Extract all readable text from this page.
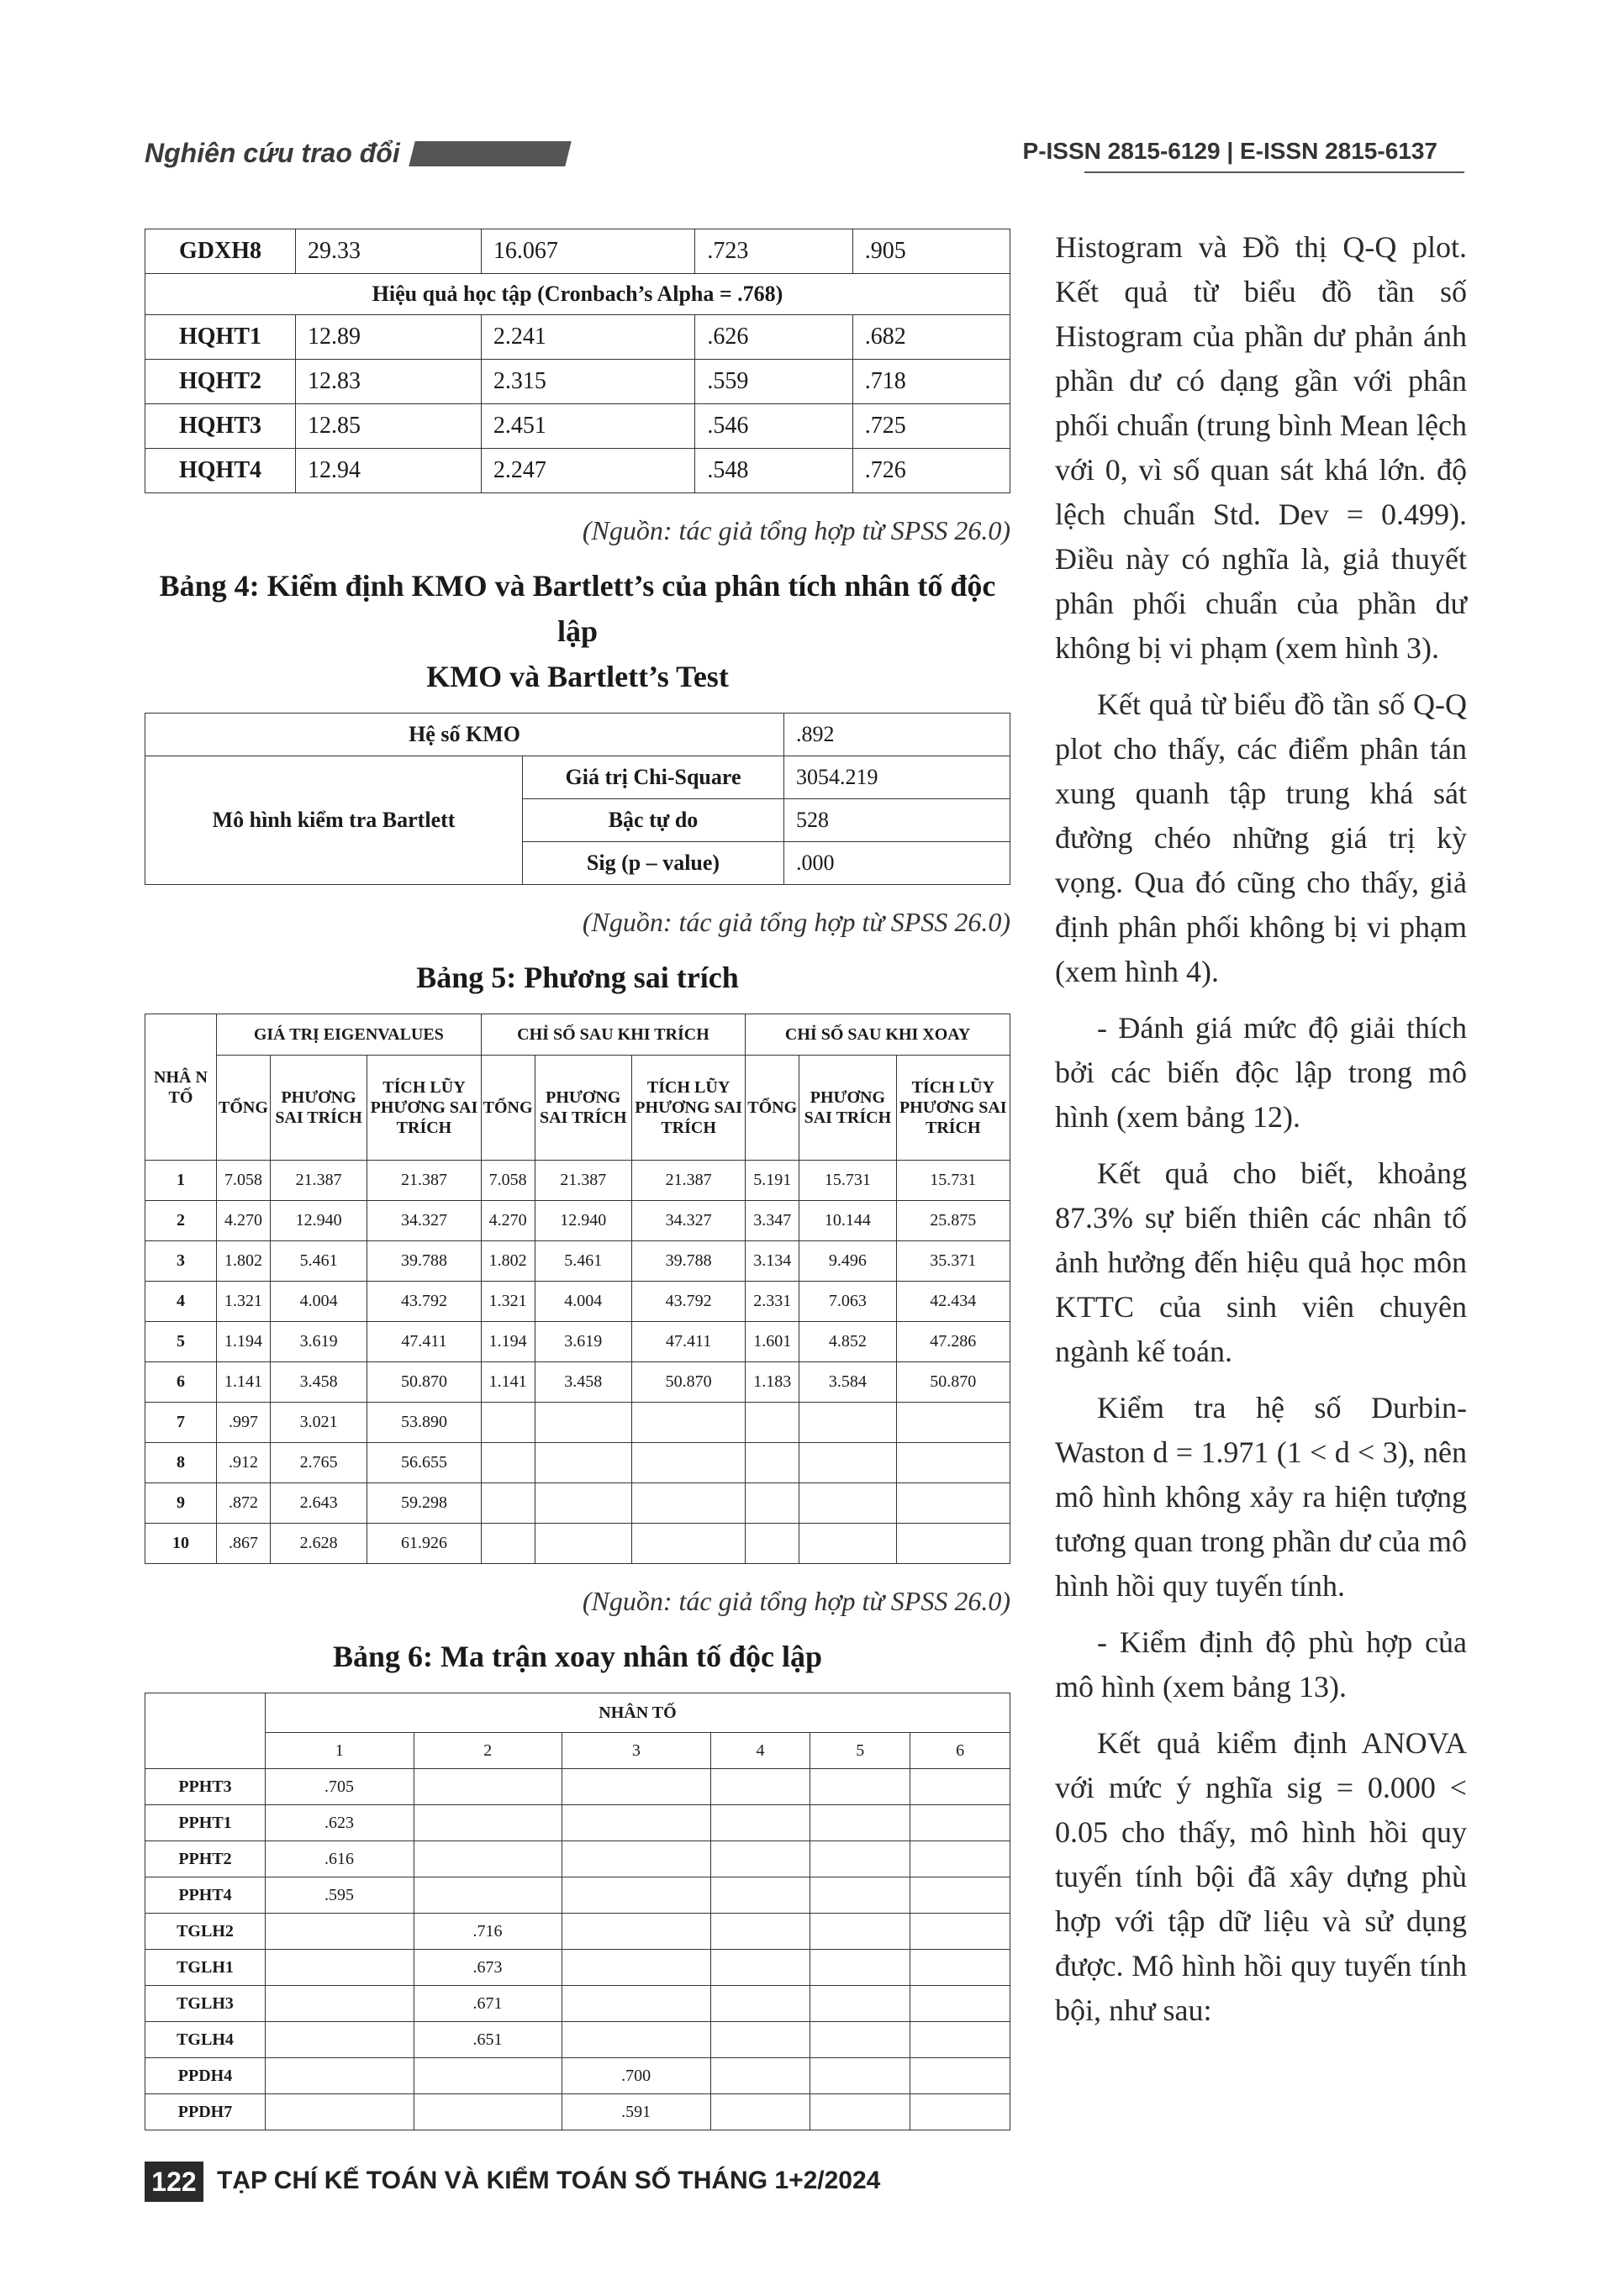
Nghiên cứu trao đổi	P-ISSN 2815-6129 | E-ISSN 2815-6137
GDXH8	29.33	16.067	.723	.905
Hiệu quả học tập (Cronbach’s Alpha = .768)				
HQHT1	12.89	2.241	.626	.682
HQHT2	12.83	2.315	.559	.718
HQHT3	12.85	2.451	.546	.725
HQHT4	12.94	2.247	.548	.726
(Nguồn: tác giả tổng hợp từ SPSS 26.0)
Bảng 4: Kiểm định KMO và Bartlett’s của phân tích nhân tố độc lập
KMO và Bartlett’s Test
Hệ số KMO		.892
Mô hình kiểm tra Bartlett	Giá trị Chi-Square	3054.219
	Bậc tự do	528
	Sig (p – value)	.000
(Nguồn: tác giả tổng hợp từ SPSS 26.0)
Bảng 5: Phương sai trích
NHÂ N TỐ	GIÁ TRỊ EIGENVALUES			CHỈ SỐ SAU KHI TRÍCH			CHỈ SỐ SAU KHI XOAY		
	TỔNG	PHƯƠNG SAI TRÍCH	TÍCH LŨY PHƯƠNG SAI TRÍCH	TỔNG	PHƯƠNG SAI TRÍCH	TÍCH LŨY PHƯƠNG SAI TRÍCH	TỔNG	PHƯƠNG SAI TRÍCH	TÍCH LŨY PHƯƠNG SAI TRÍCH
1	7.058	21.387	21.387	7.058	21.387	21.387	5.191	15.731	15.731
2	4.270	12.940	34.327	4.270	12.940	34.327	3.347	10.144	25.875
3	1.802	5.461	39.788	1.802	5.461	39.788	3.134	9.496	35.371
4	1.321	4.004	43.792	1.321	4.004	43.792	2.331	7.063	42.434
5	1.194	3.619	47.411	1.194	3.619	47.411	1.601	4.852	47.286
6	1.141	3.458	50.870	1.141	3.458	50.870	1.183	3.584	50.870
7	.997	3.021	53.890						
8	.912	2.765	56.655						
9	.872	2.643	59.298						
10	.867	2.628	61.926						
(Nguồn: tác giả tổng hợp từ SPSS 26.0)
Bảng 6: Ma trận xoay nhân tố độc lập
	NHÂN TỐ					
	1	2	3	4	5	6
PPHT3	.705					
PPHT1	.623					
PPHT2	.616					
PPHT4	.595					
TGLH2		.716				
TGLH1		.673				
TGLH3		.671				
TGLH4		.651				
PPDH4			.700			
PPDH7			.591			

Histogram và Đồ thị Q-Q plot. Kết quả từ biểu đồ tần số Histogram của phần dư phản ánh phần dư có dạng gần với phân phối chuẩn (trung bình Mean lệch với 0, vì số quan sát khá lớn. độ lệch chuẩn Std. Dev = 0.499). Điều này có nghĩa là, giả thuyết phân phối chuẩn của phần dư không bị vi phạm (xem hình 3).

Kết quả từ biểu đồ tần số Q-Q plot cho thấy, các điểm phân tán xung quanh tập trung khá sát đường chéo những giá trị kỳ vọng. Qua đó cũng cho thấy, giả định phân phối không bị vi phạm (xem hình 4).

- Đánh giá mức độ giải thích bởi các biến độc lập trong mô hình (xem bảng 12).

Kết quả cho biết, khoảng 87.3% sự biến thiên các nhân tố ảnh hưởng đến hiệu quả học môn KTTC của sinh viên chuyên ngành kế toán.

Kiểm tra hệ số Durbin-Waston d = 1.971 (1 < d < 3), nên mô hình không xảy ra hiện tượng tương quan trong phần dư của mô hình hồi quy tuyến tính.

- Kiểm định độ phù hợp của mô hình (xem bảng 13).

Kết quả kiểm định ANOVA với mức ý nghĩa sig = 0.000 < 0.05 cho thấy, mô hình hồi quy tuyến tính bội đã xây dựng phù hợp với tập dữ liệu và sử dụng được. Mô hình hồi quy tuyến tính bội, như sau:

122 TẠP CHÍ KẾ TOÁN VÀ KIỂM TOÁN SỐ THÁNG 1+2/2024
